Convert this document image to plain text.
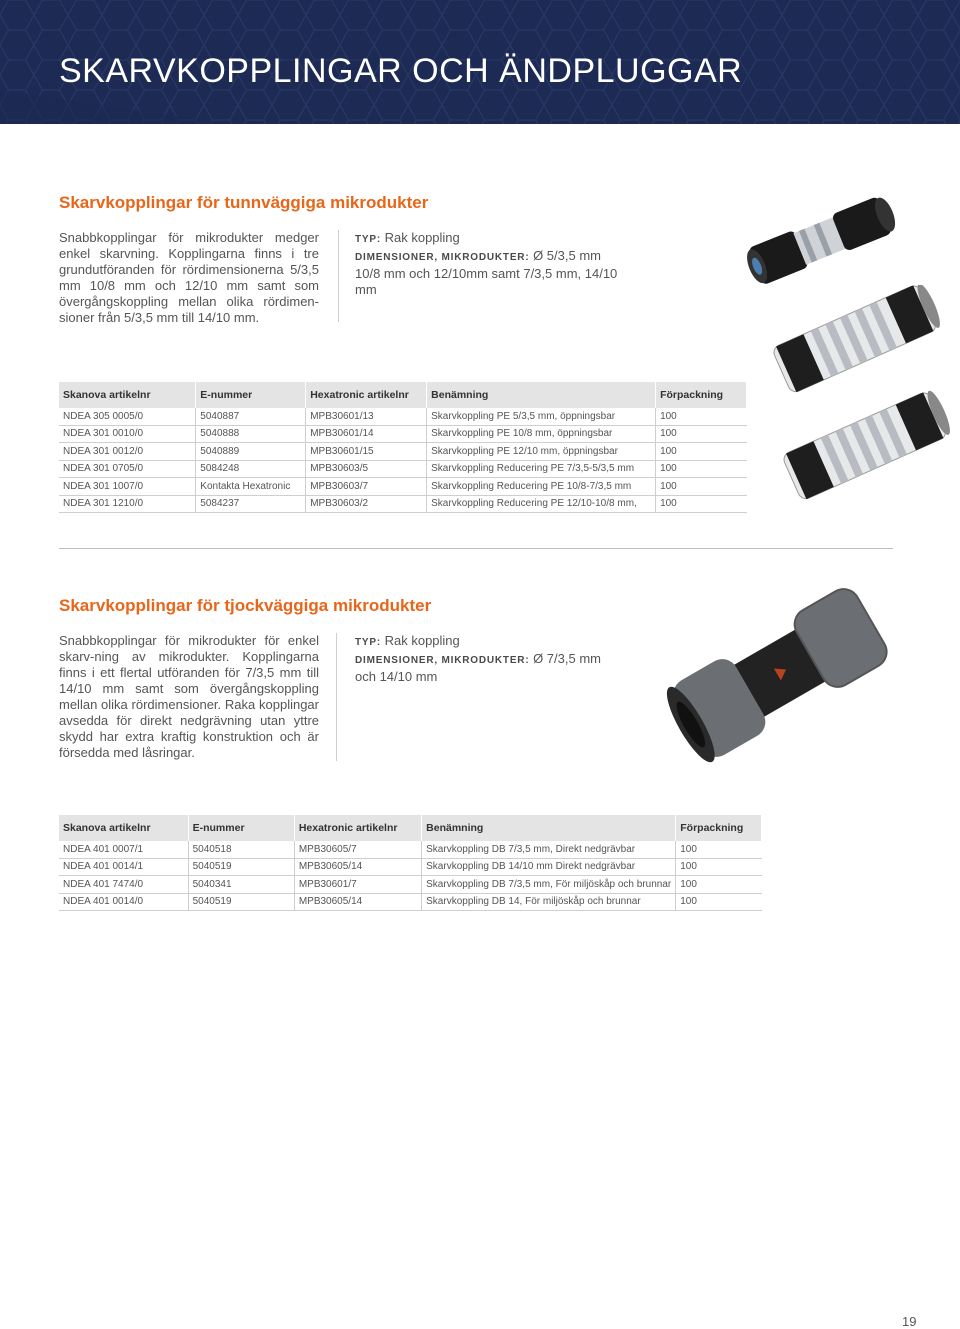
SKARVKOPPLINGAR OCH ÄNDPLUGGAR
Skarvkopplingar för tunnväggiga mikrodukter
Snabbkopplingar för mikrodukter medger enkel skarvning. Kopplingarna finns i tre grundutföranden för rördimensionerna 5/3,5 mm 10/8 mm och 12/10 mm samt som övergångskoppling mellan olika rördimen-sioner från 5/3,5 mm till 14/10 mm.
TYP: Rak koppling
DIMENSIONER, MIKRODUKTER: Ø 5/3,5 mm 10/8 mm och 12/10mm samt 7/3,5 mm, 14/10 mm
Skanova artikelnr	E-nummer	Hexatronic artikelnr	Benämning	Förpackning
NDEA 305 0005/0	5040887	MPB30601/13	Skarvkoppling PE 5/3,5 mm, öppningsbar	100
NDEA 301 0010/0	5040888	MPB30601/14	Skarvkoppling PE 10/8 mm, öppningsbar	100
NDEA 301 0012/0	5040889	MPB30601/15	Skarvkoppling PE 12/10 mm, öppningsbar	100
NDEA 301 0705/0	5084248	MPB30603/5	Skarvkoppling Reducering PE 7/3,5-5/3,5 mm	100
NDEA 301 1007/0	Kontakta Hexatronic	MPB30603/7	Skarvkoppling Reducering PE 10/8-7/3,5 mm	100
NDEA 301 1210/0	5084237	MPB30603/2	Skarvkoppling Reducering PE 12/10-10/8 mm,	100
Skarvkopplingar för tjockväggiga mikrodukter
Snabbkopplingar för mikrodukter för enkel skarv-ning av mikrodukter. Kopplingarna finns i ett flertal utföranden för 7/3,5 mm till 14/10 mm samt som övergångskoppling mellan olika rördimensioner. Raka kopplingar avsedda för direkt nedgrävning utan yttre skydd har extra kraftig konstruktion och är försedda med låsringar.
TYP: Rak koppling
DIMENSIONER, MIKRODUKTER: Ø 7/3,5 mm och 14/10 mm
Skanova artikelnr	E-nummer	Hexatronic artikelnr	Benämning	Förpackning
NDEA 401 0007/1	5040518	MPB30605/7	Skarvkoppling DB 7/3,5 mm, Direkt nedgrävbar	100
NDEA 401 0014/1	5040519	MPB30605/14	Skarvkoppling DB 14/10 mm Direkt nedgrävbar	100
NDEA 401 7474/0	5040341	MPB30601/7	Skarvkoppling DB 7/3,5 mm, För miljöskåp och brunnar	100
NDEA 401 0014/0	5040519	MPB30605/14	Skarvkoppling DB 14, För miljöskåp och brunnar	100
19
